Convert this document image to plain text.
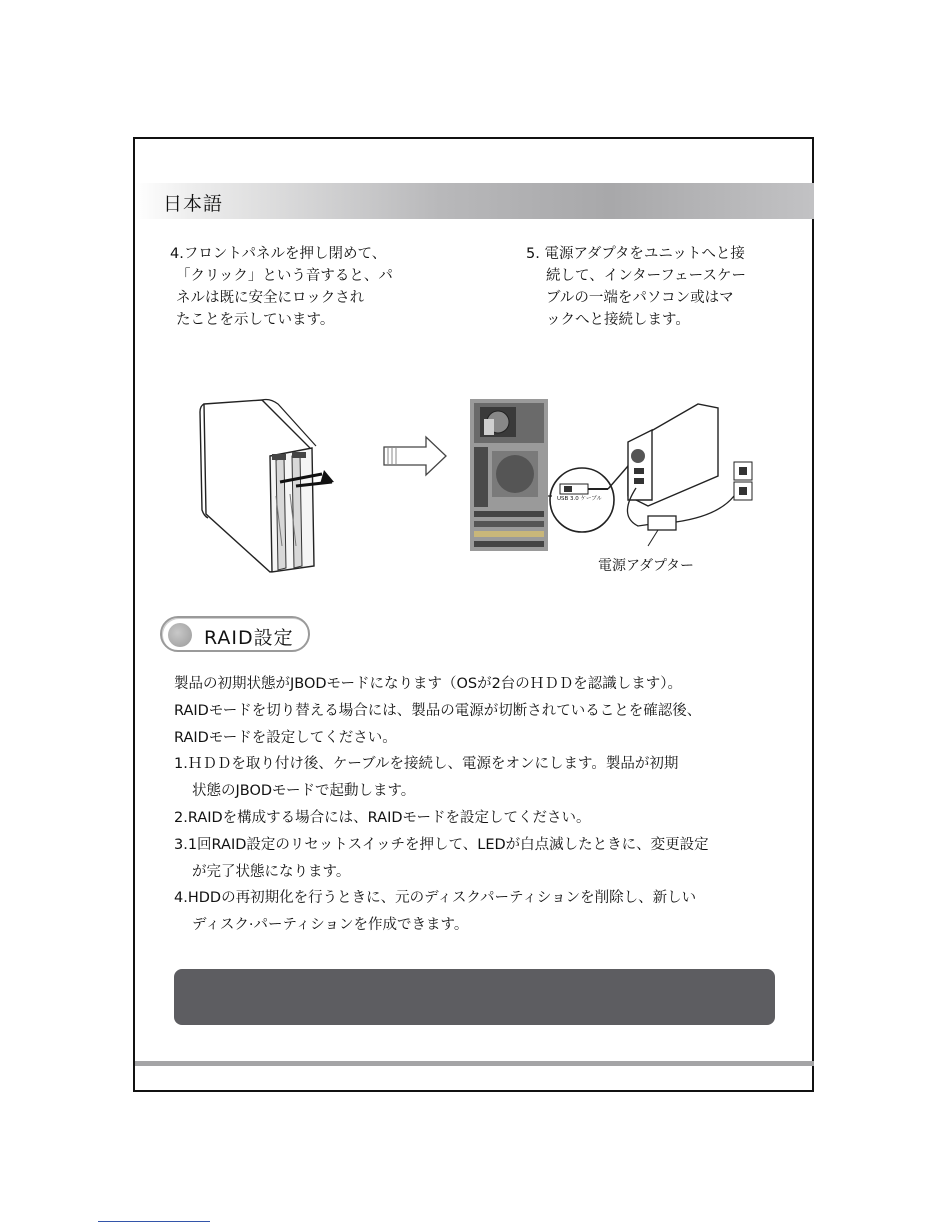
日本語
4.フロントパネルを押し閉めて、

「クリック」という音すると、パ
ネルは既に安全にロックされ
たことを示しています。
5. 電源アダプタをユニットへと接

続して、インターフェースケー
ブルの一端をパソコン或はマ
ックへと接続します。
USB 3.0 ケーブル
電源アダプター
RAID設定

製品の初期状態がJBODモードになります（OSが2台のＨＤＤを認識します）。

RAIDモードを切り替える場合には、製品の電源が切断されていることを確認後、

RAIDモードを設定してください。

1.ＨＤＤを取り付け後、ケーブルを接続し、電源をオンにします。製品が初期

状態のJBODモードで起動します。

2.RAIDを構成する場合には、RAIDモードを設定してください。

3.1回RAID設定のリセットスイッチを押して、LEDが白点滅したときに、変更設定

が完了状態になります。

4.HDDの再初期化を行うときに、元のディスクパーティションを削除し、新しい

ディスク·パーティションを作成できます。
